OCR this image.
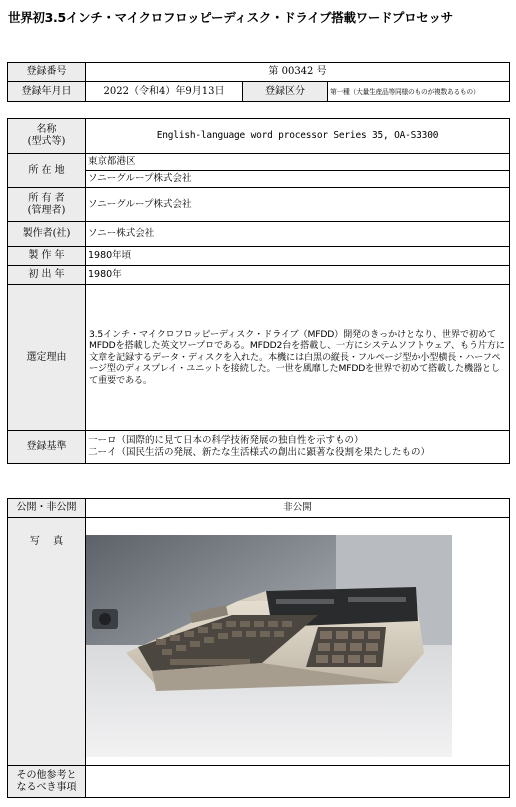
世界初3.5インチ・マイクロフロッピーディスク・ドライブ搭載ワードプロセッサ
登録番号	第 00342 号		
登録年月日	2022（令和4）年9月13日	登録区分	第一種（大量生産品等同様のものが複数あるもの）
名称
(型式等)	English-language word processor Series 35, OA-S3300
所 在 地	東京都港区
	ソニーグループ株式会社

所 有 者
(管理者)	ソニーグループ株式会社
製作者(社)	ソニー株式会社
製 作 年	1980年頃
初 出 年	1980年
選定理由	3.5インチ・マイクロフロッピーディスク・ドライブ（MFDD）開発のきっかけとなり、世界で初めてMFDDを搭載した英文ワープロである。MFDD2台を搭載し、一方にシステムソフトウェア、もう片方に文章を記録するデータ・ディスクを入れた。本機には白黒の縦長・フルページ型か小型横長・ハーフページ型のディスプレイ・ユニットを接続した。一世を風靡したMFDDを世界で初めて搭載した機器として重要である。
登録基準	一ーロ（国際的に見て日本の科学技術発展の独自性を示すもの）
二ーイ（国民生活の発展、新たな生活様式の創出に顕著な役割を果たしたもの）
公開・非公開	非公開
写　 真	

その他参考と
なるべき事項	
